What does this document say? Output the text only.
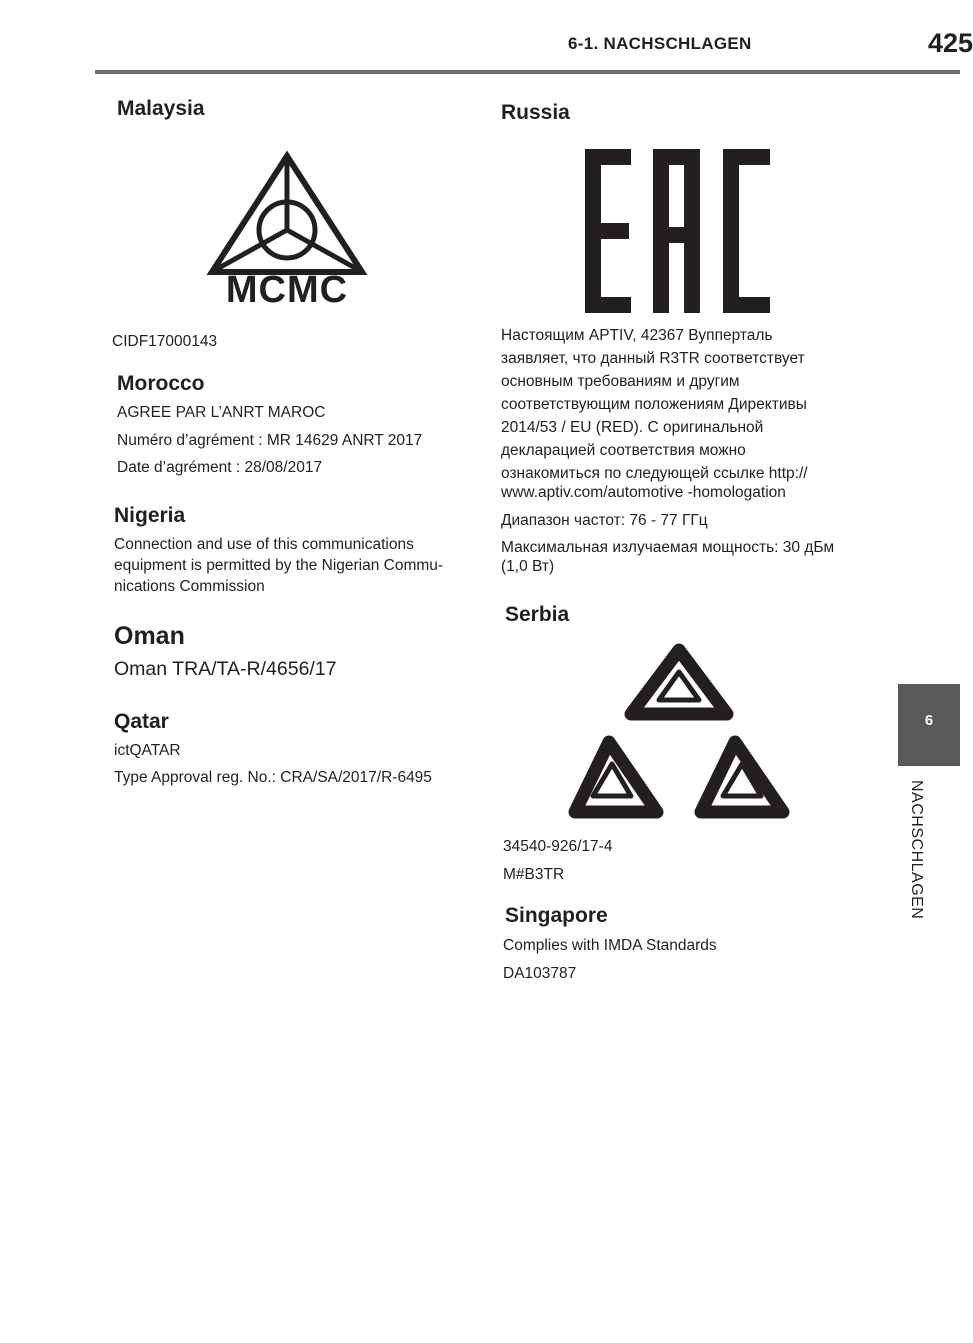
6-1. NACHSCHLAGEN	425
6
NACHSCHLAGEN
Malaysia
MCMC
CIDF17000143
Morocco
AGREE PAR L’ANRT MAROC
Numéro d’agrément : MR 14629 ANRT 2017
Date d’agrément : 28/08/2017
Nigeria
Connection and use of this communications
equipment is permitted by the Nigerian Commu-
nications Commission
Oman
Oman TRA/TA-R/4656/17
Qatar
ictQATAR
Type Approval reg. No.: CRA/SA/2017/R-6495
Russia
Настоящим APTIV, 42367 Вупперталь
заявляет, что данный R3TR соответствует
основным требованиям и другим
соответствующим положениям Директивы
2014/53 / EU (RED). С оригинальной
декларацией соответствия можно
ознакомиться по следующей ссылке http://
www.aptiv.com/automotive -homologation
Диапазон частот: 76 - 77 ГГц
Максимальная излучаемая мощность: 30 дБм
(1,0 Вт)
Serbia
34540-926/17-4
M#B3TR
Singapore
Complies with IMDA Standards
DA103787
